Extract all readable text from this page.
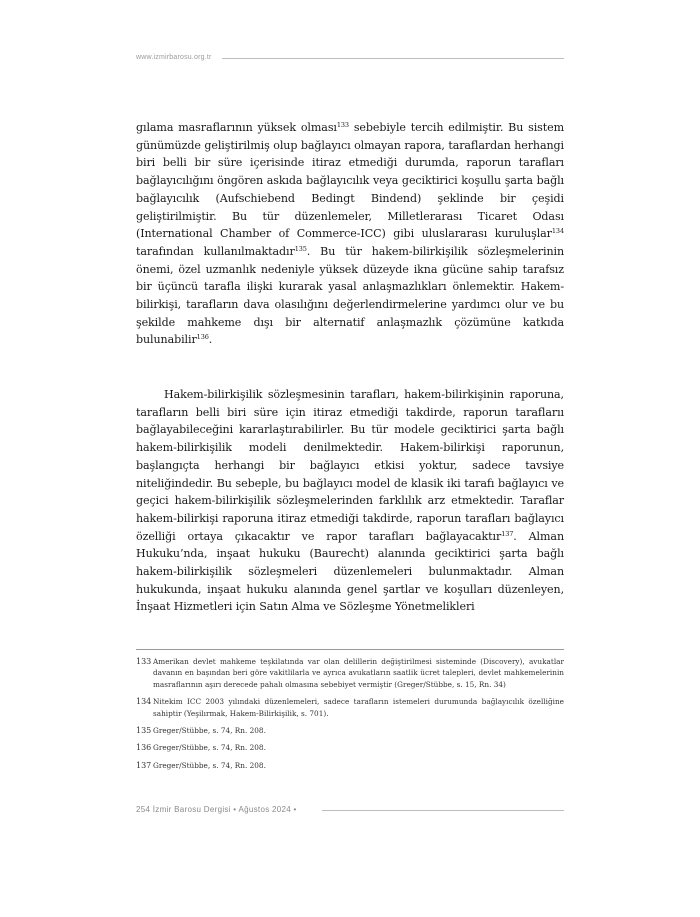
www.izmirbarosu.org.tr

gılama masraflarının yüksek olması$^{133}$ sebebiyle tercih edilmiştir. Bu sistem günümüzde geliştirilmiş olup bağlayıcı olmayan rapora, taraflardan herhangi biri belli bir süre içerisinde itiraz etmediği durumda, raporun tarafları bağlayıcılığını öngören askıda bağlayıcılık veya geciktirici koşullu şarta bağlı bağlayıcılık (Aufschiebend Bedingt Bindend) şeklinde bir çeşidi geliştirilmiştir. Bu tür düzenlemeler, Milletlerarası Ticaret Odası (International Chamber of Commerce-ICC) gibi uluslararası kuruluşlar$^{134}$ tarafından kullanılmaktadır$^{135}$. Bu tür hakem-bilirkişilik sözleşmelerinin önemi, özel uzmanlık nedeniyle yüksek düzeyde ikna gücüne sahip tarafsız bir üçüncü tarafla ilişki kurarak yasal anlaşmazlıkları önlemektir. Hakem-bilirkişi, tarafların dava olasılığını değerlendirmelerine yardımcı olur ve bu şekilde mahkeme dışı bir alternatif anlaşmazlık çözümüne katkıda bulunabilir$^{136}$.

Hakem-bilirkişilik sözleşmesinin tarafları, hakem-bilirkişinin raporuna, tarafların belli biri süre için itiraz etmediği takdirde, raporun taraflarıı bağlayabileceğini kararlaştırabilirler. Bu tür modele geciktirici şarta bağlı hakem-bilirkişilik modeli denilmektedir. Hakem-bilirkişi raporunun, başlangıçta herhangi bir bağlayıcı etkisi yoktur, sadece tavsiye niteliğindedir. Bu sebeple, bu bağlayıcı model de klasik iki tarafı bağlayıcı ve geçici hakem-bilirkişilik sözleşmelerinden farklılık arz etmektedir. Taraflar hakem-bilirkişi raporuna itiraz etmediği takdirde, raporun tarafları bağlayıcı özelliği ortaya çıkacaktır ve rapor tarafları bağlayacaktır$^{137}$. Alman Hukuku’nda, inşaat hukuku (Baurecht) alanında geciktirici şarta bağlı hakem-bilirkişilik sözleşmeleri düzenlemeleri bulunmaktadır. Alman hukukunda, inşaat hukuku alanında genel şartlar ve koşulları düzenleyen, İnşaat Hizmetleri için Satın Alma ve Sözleşme Yönetmelikleri

133 Amerikan devlet mahkeme teşkilatında var olan delillerin değiştirilmesi sisteminde (Discovery), avukatlar davanın en başından beri göre vakitlilarla ve ayrıca avukatların saatlik ücret talepleri, devlet mahkemelerinin masraflarının aşırı derecede pahalı olmasına sebebiyet vermiştir (Greger/Stübbe, s. 15, Rn. 34)
134 Nitekim ICC 2003 yılındaki düzenlemeleri, sadece tarafların istemeleri durumunda bağlayıcılık özelliğine sahiptir (Yeşilırmak, Hakem-Bilirkişilik, s. 701).
135 Greger/Stübbe, s. 74, Rn. 208.
136 Greger/Stübbe, s. 74, Rn. 208.
137 Greger/Stübbe, s. 74, Rn. 208.
254 İzmir Barosu Dergisi • Ağustos 2024 •
